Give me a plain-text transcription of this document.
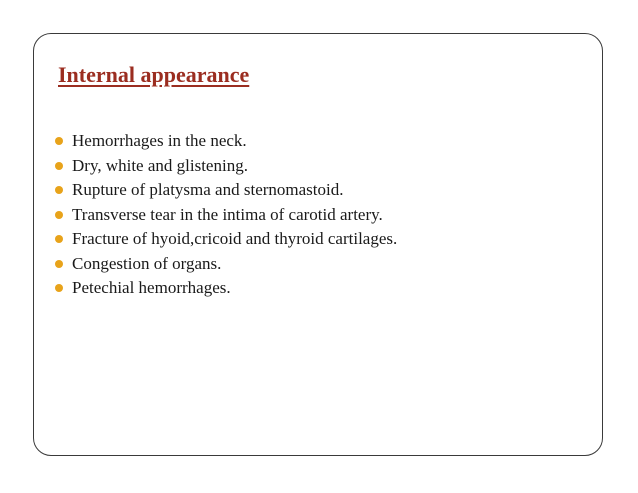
Internal appearance
Hemorrhages in the neck.
Dry, white and glistening.
Rupture of platysma and sternomastoid.
Transverse tear in the intima of carotid artery.
Fracture of hyoid,cricoid and thyroid cartilages.
Congestion of organs.
Petechial hemorrhages.
